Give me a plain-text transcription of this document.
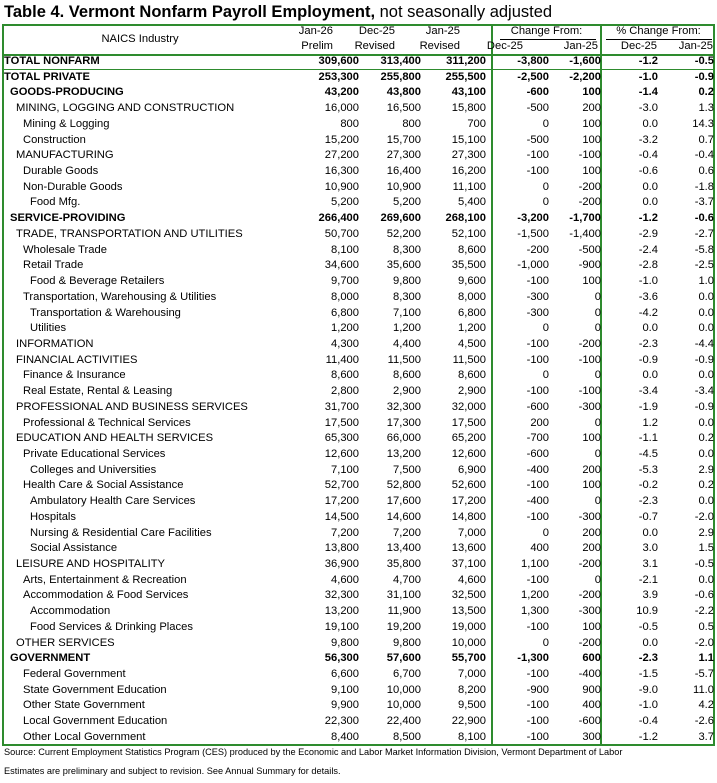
Table 4. Vermont Nonfarm Payroll Employment, not seasonally adjusted
NAICS Industry
Jan-26
Prelim
Dec-25
Revised
Jan-25
Revised
Change From:	% Change From:
Dec-25	Jan-25	Dec-25	Jan-25
TOTAL NONFARM	309,600	313,400	311,200	-3,800	-1,600	-1.2	-0.5
TOTAL PRIVATE	253,300	255,800	255,500	-2,500	-2,200	-1.0	-0.9
GOODS-PRODUCING	43,200	43,800	43,100	-600	100	-1.4	0.2
MINING, LOGGING AND CONSTRUCTION	16,000	16,500	15,800	-500	200	-3.0	1.3
Mining & Logging	800	800	700	0	100	0.0	14.3
Construction	15,200	15,700	15,100	-500	100	-3.2	0.7
MANUFACTURING	27,200	27,300	27,300	-100	-100	-0.4	-0.4
Durable Goods	16,300	16,400	16,200	-100	100	-0.6	0.6
Non-Durable Goods	10,900	10,900	11,100	0	-200	0.0	-1.8
Food Mfg.	5,200	5,200	5,400	0	-200	0.0	-3.7
SERVICE-PROVIDING	266,400	269,600	268,100	-3,200	-1,700	-1.2	-0.6
TRADE, TRANSPORTATION AND UTILITIES	50,700	52,200	52,100	-1,500	-1,400	-2.9	-2.7
Wholesale Trade	8,100	8,300	8,600	-200	-500	-2.4	-5.8
Retail Trade	34,600	35,600	35,500	-1,000	-900	-2.8	-2.5
Food & Beverage Retailers	9,700	9,800	9,600	-100	100	-1.0	1.0
Transportation, Warehousing & Utilities	8,000	8,300	8,000	-300	0	-3.6	0.0
Transportation & Warehousing	6,800	7,100	6,800	-300	0	-4.2	0.0
Utilities	1,200	1,200	1,200	0	0	0.0	0.0
INFORMATION	4,300	4,400	4,500	-100	-200	-2.3	-4.4
FINANCIAL ACTIVITIES	11,400	11,500	11,500	-100	-100	-0.9	-0.9
Finance & Insurance	8,600	8,600	8,600	0	0	0.0	0.0
Real Estate, Rental & Leasing	2,800	2,900	2,900	-100	-100	-3.4	-3.4
PROFESSIONAL AND BUSINESS SERVICES	31,700	32,300	32,000	-600	-300	-1.9	-0.9
Professional & Technical Services	17,500	17,300	17,500	200	0	1.2	0.0
EDUCATION AND HEALTH SERVICES	65,300	66,000	65,200	-700	100	-1.1	0.2
Private Educational Services	12,600	13,200	12,600	-600	0	-4.5	0.0
Colleges and Universities	7,100	7,500	6,900	-400	200	-5.3	2.9
Health Care & Social Assistance	52,700	52,800	52,600	-100	100	-0.2	0.2
Ambulatory Health Care Services	17,200	17,600	17,200	-400	0	-2.3	0.0
Hospitals	14,500	14,600	14,800	-100	-300	-0.7	-2.0
Nursing & Residential Care Facilities	7,200	7,200	7,000	0	200	0.0	2.9
Social Assistance	13,800	13,400	13,600	400	200	3.0	1.5
LEISURE AND HOSPITALITY	36,900	35,800	37,100	1,100	-200	3.1	-0.5
Arts, Entertainment & Recreation	4,600	4,700	4,600	-100	0	-2.1	0.0
Accommodation & Food Services	32,300	31,100	32,500	1,200	-200	3.9	-0.6
Accommodation	13,200	11,900	13,500	1,300	-300	10.9	-2.2
Food Services & Drinking Places	19,100	19,200	19,000	-100	100	-0.5	0.5
OTHER SERVICES	9,800	9,800	10,000	0	-200	0.0	-2.0
GOVERNMENT	56,300	57,600	55,700	-1,300	600	-2.3	1.1
Federal Government	6,600	6,700	7,000	-100	-400	-1.5	-5.7
State Government Education	9,100	10,000	8,200	-900	900	-9.0	11.0
Other State Government	9,900	10,000	9,500	-100	400	-1.0	4.2
Local Government Education	22,300	22,400	22,900	-100	-600	-0.4	-2.6
Other Local Government	8,400	8,500	8,100	-100	300	-1.2	3.7
Source: Current Employment Statistics Program (CES) produced by the Economic and Labor Market Information Division, Vermont Department of Labor
Estimates are preliminary and subject to revision. See Annual Summary for details.
